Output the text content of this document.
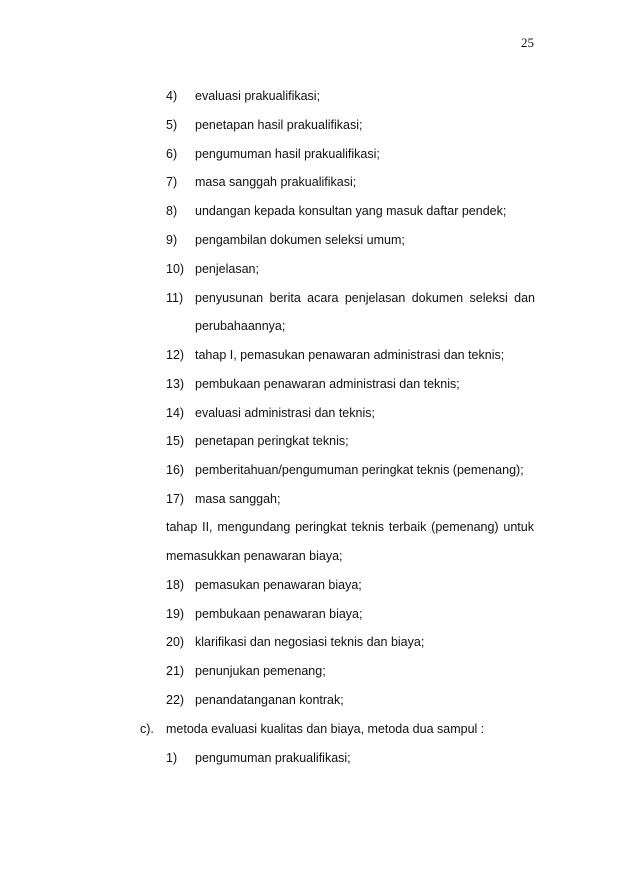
25
4) evaluasi prakualifikasi;
5) penetapan hasil prakualifikasi;
6) pengumuman hasil prakualifikasi;
7) masa sanggah prakualifikasi;
8) undangan kepada konsultan yang masuk daftar pendek;
9) pengambilan dokumen seleksi umum;
10) penjelasan;
11) penyusunan berita acara penjelasan dokumen seleksi dan
perubahaannya;
12) tahap I, pemasukan penawaran administrasi dan teknis;
13) pembukaan penawaran administrasi dan teknis;
14) evaluasi administrasi dan teknis;
15) penetapan peringkat teknis;
16) pemberitahuan/pengumuman peringkat teknis (pemenang);
17) masa sanggah;
tahap II, mengundang peringkat teknis terbaik (pemenang) untuk
memasukkan penawaran biaya;
18) pemasukan penawaran biaya;
19) pembukaan penawaran biaya;
20) klarifikasi dan negosiasi teknis dan biaya;
21) penunjukan pemenang;
22) penandatanganan kontrak;
c). metoda evaluasi kualitas dan biaya, metoda dua sampul :
1) pengumuman prakualifikasi;
